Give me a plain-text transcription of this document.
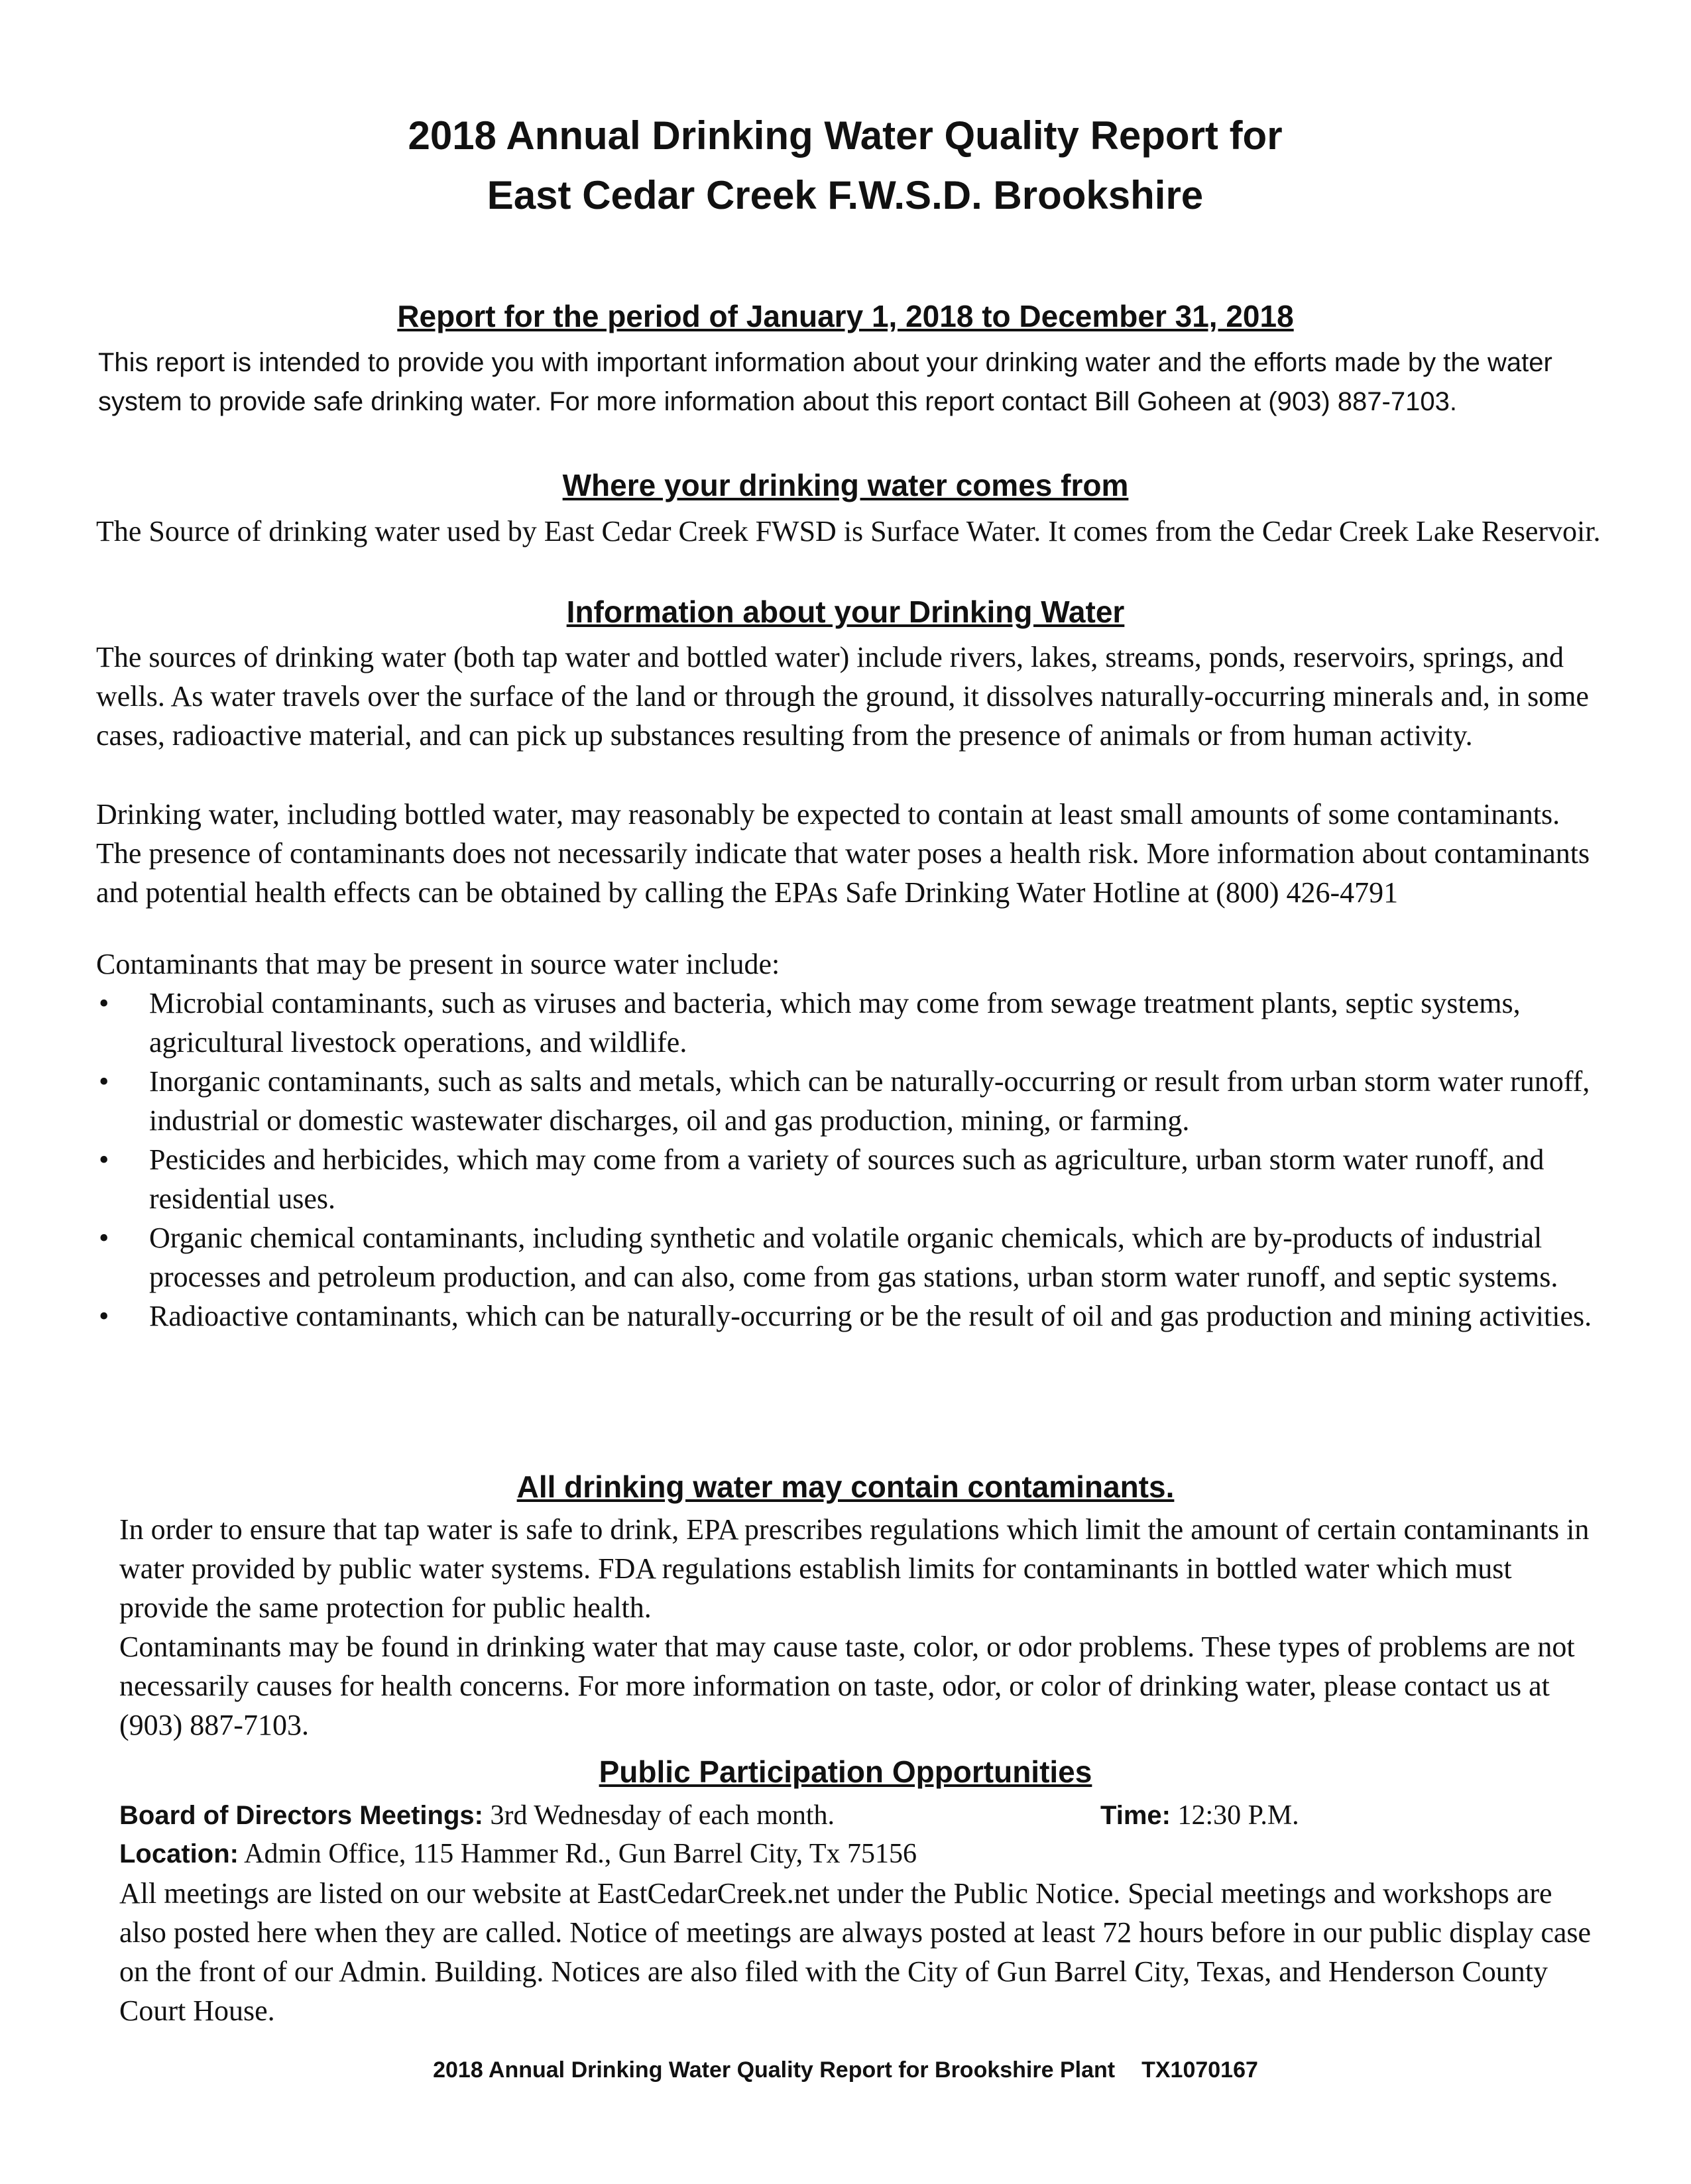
2018 Annual Drinking Water Quality Report for
East Cedar Creek F.W.S.D. Brookshire
Report for the period of January 1, 2018 to December 31, 2018

This report is intended to provide you with important information about your drinking water and the efforts made by the water system to provide safe drinking water. For more information about this report contact Bill Goheen at (903) 887-7103.

Where your drinking water comes from

The Source of drinking water used by East Cedar Creek FWSD is Surface Water. It comes from the Cedar Creek Lake Reservoir.

Information about your Drinking Water

The sources of drinking water (both tap water and bottled water) include rivers, lakes, streams, ponds, reservoirs, springs, and wells. As water travels over the surface of the land or through the ground, it dissolves naturally-occurring minerals and, in some cases, radioactive material, and can pick up substances resulting from the presence of animals or from human activity.

Drinking water, including bottled water, may reasonably be expected to contain at least small amounts of some contaminants. The presence of contaminants does not necessarily indicate that water poses a health risk. More information about contaminants and potential health effects can be obtained by calling the EPAs Safe Drinking Water Hotline at (800) 426-4791

Contaminants that may be present in source water include:

• Microbial contaminants, such as viruses and bacteria, which may come from sewage treatment plants, septic systems, agricultural livestock operations, and wildlife.
• Inorganic contaminants, such as salts and metals, which can be naturally-occurring or result from urban storm water runoff, industrial or domestic wastewater discharges, oil and gas production, mining, or farming.
• Pesticides and herbicides, which may come from a variety of sources such as agriculture, urban storm water runoff, and residential uses.
• Organic chemical contaminants, including synthetic and volatile organic chemicals, which are by-products of industrial processes and petroleum production, and can also, come from gas stations, urban storm water runoff, and septic systems.
• Radioactive contaminants, which can be naturally-occurring or be the result of oil and gas production and mining activities.
All drinking water may contain contaminants.

In order to ensure that tap water is safe to drink, EPA prescribes regulations which limit the amount of certain contaminants in water provided by public water systems. FDA regulations establish limits for contaminants in bottled water which must provide the same protection for public health.

Contaminants may be found in drinking water that may cause taste, color, or odor problems. These types of problems are not necessarily causes for health concerns. For more information on taste, odor, or color of drinking water, please contact us at (903) 887-7103.

Public Participation Opportunities
Board of Directors Meetings: 3rd Wednesday of each month.	Time: 12:30 P.M.
Location: Admin Office, 115 Hammer Rd., Gun Barrel City, Tx 75156

All meetings are listed on our website at EastCedarCreek.net under the Public Notice. Special meetings and workshops are also posted here when they are called. Notice of meetings are always posted at least 72 hours before in our public display case on the front of our Admin. Building. Notices are also filed with the City of Gun Barrel City, Texas, and Henderson County Court House.

2018 Annual Drinking Water Quality Report for Brookshire Plant TX1070167
